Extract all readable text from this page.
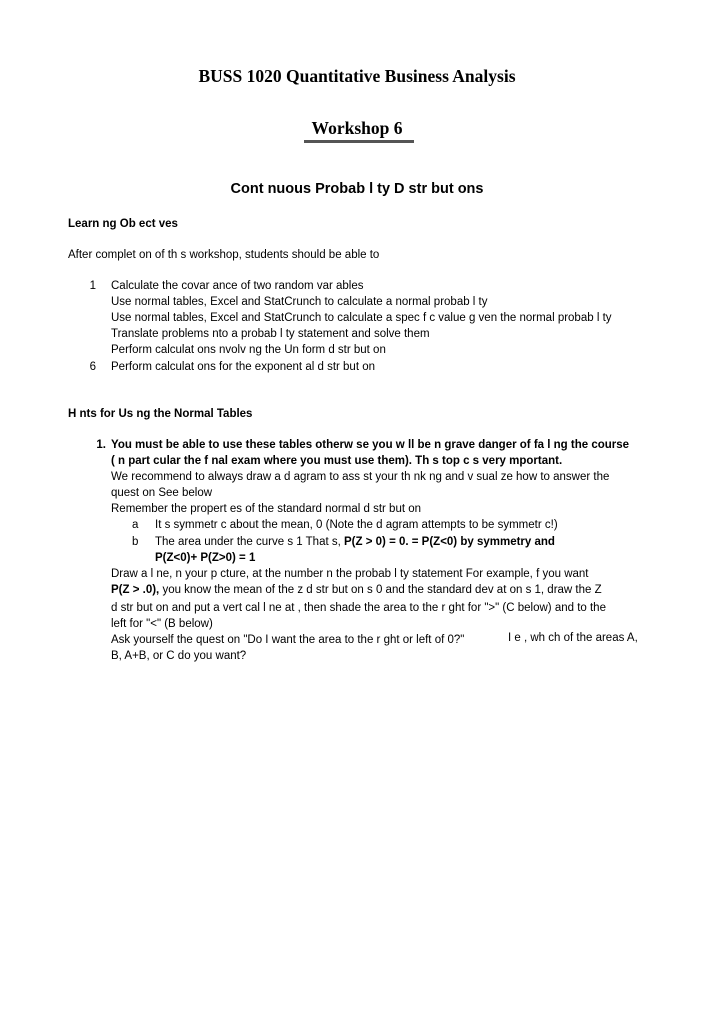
BUSS 1020 Quantitative Business Analysis
Workshop 6
Cont nuous Probab l ty D str but ons
Learn ng Ob ect ves
After complet on of th s workshop, students should be able to
1 Calculate the covar ance of two random var ables
Use normal tables, Excel and StatCrunch to calculate a normal probab l ty
Use normal tables, Excel and StatCrunch to calculate a spec f c value g ven the normal probab l ty
Translate problems nto a probab l ty statement and solve them
Perform calculat ons nvolv ng the Un form d str but on
6 Perform calculat ons for the exponent al d str but on
H nts for Us ng the Normal Tables
1. You must be able to use these tables otherw se you w ll be n grave danger of fa l ng the course
( n part cular the f nal exam where you must use them). Th s top c s very mportant.
We recommend to always draw a d agram to ass st your th nk ng and v sual ze how to answer the
quest on See below
Remember the propert es of the standard normal d str but on
a It s symmetr c about the mean, 0 (Note the d agram attempts to be symmetr c!)
b The area under the curve s 1 That s, P(Z > 0) = 0. = P(Z<0) by symmetry and
P(Z<0)+ P(Z>0) = 1
Draw a l ne, n your p cture, at the number n the probab l ty statement For example, f you want
P(Z > .0), you know the mean of the z d str but on s 0 and the standard dev at on s 1, draw the Z
d str but on and put a vert cal l ne at , then shade the area to the r ght for ">" (C below) and to the
left for "<" (B below)
Ask yourself the quest on "Do I want the area to the r ght or left of 0?"	I e , wh ch of the areas A,
B, A+B, or C do you want?
